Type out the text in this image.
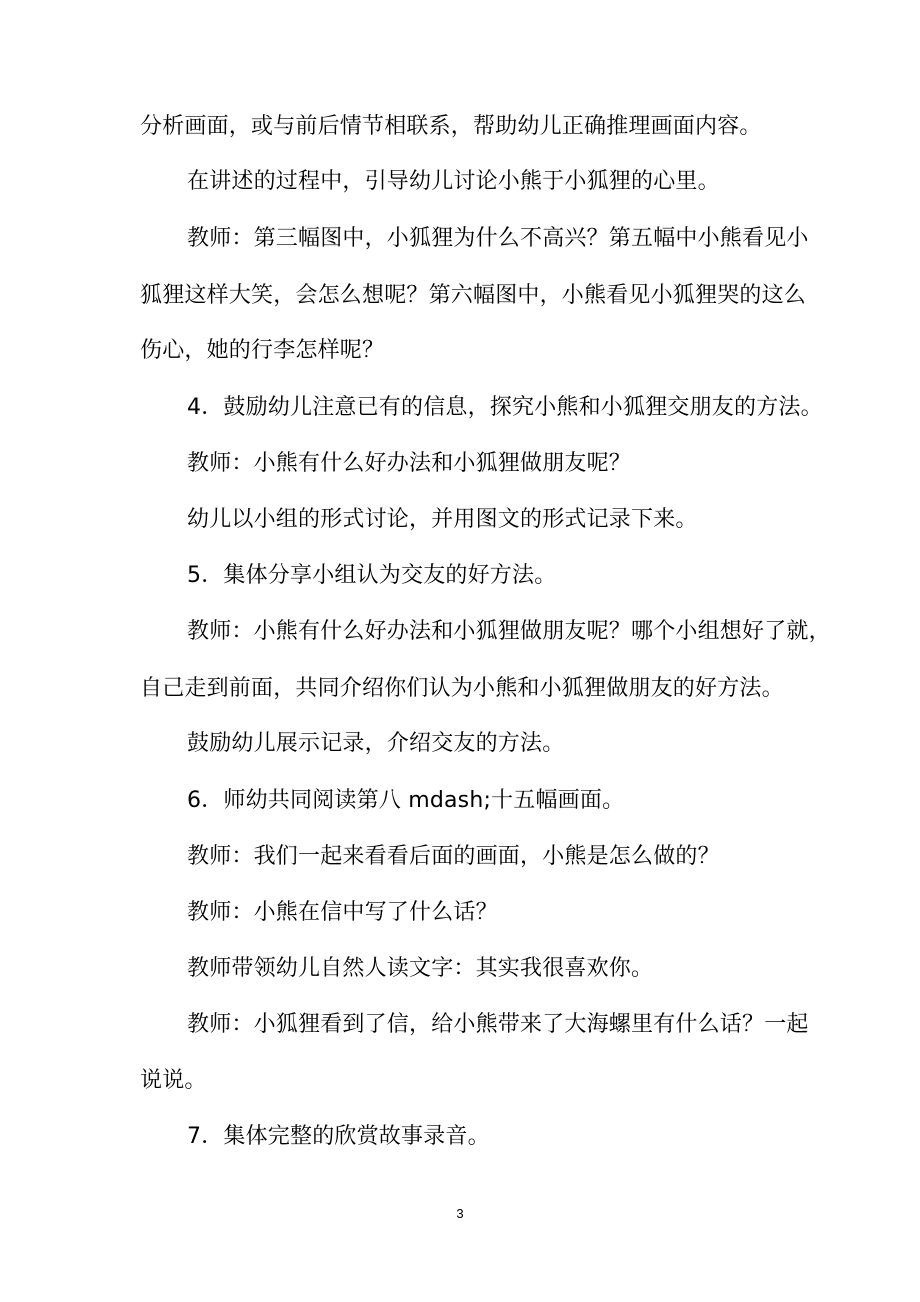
分析画面，或与前后情节相联系，帮助幼儿正确推理画面内容。
在讲述的过程中，引导幼儿讨论小熊于小狐狸的心里。
教师：第三幅图中，小狐狸为什么不高兴？第五幅中小熊看见小
狐狸这样大笑，会怎么想呢？第六幅图中，小熊看见小狐狸哭的这么
伤心，她的行李怎样呢？
4．鼓励幼儿注意已有的信息，探究小熊和小狐狸交朋友的方法。
教师：小熊有什么好办法和小狐狸做朋友呢？
幼儿以小组的形式讨论，并用图文的形式记录下来。
5．集体分享小组认为交友的好方法。
教师：小熊有什么好办法和小狐狸做朋友呢？哪个小组想好了就，
自己走到前面，共同介绍你们认为小熊和小狐狸做朋友的好方法。
鼓励幼儿展示记录，介绍交友的方法。
6．师幼共同阅读第八 mdash;十五幅画面。
教师：我们一起来看看后面的画面，小熊是怎么做的？
教师：小熊在信中写了什么话？
教师带领幼儿自然人读文字：其实我很喜欢你。
教师：小狐狸看到了信，给小熊带来了大海螺里有什么话？一起
说说。
7．集体完整的欣赏故事录音。
3
